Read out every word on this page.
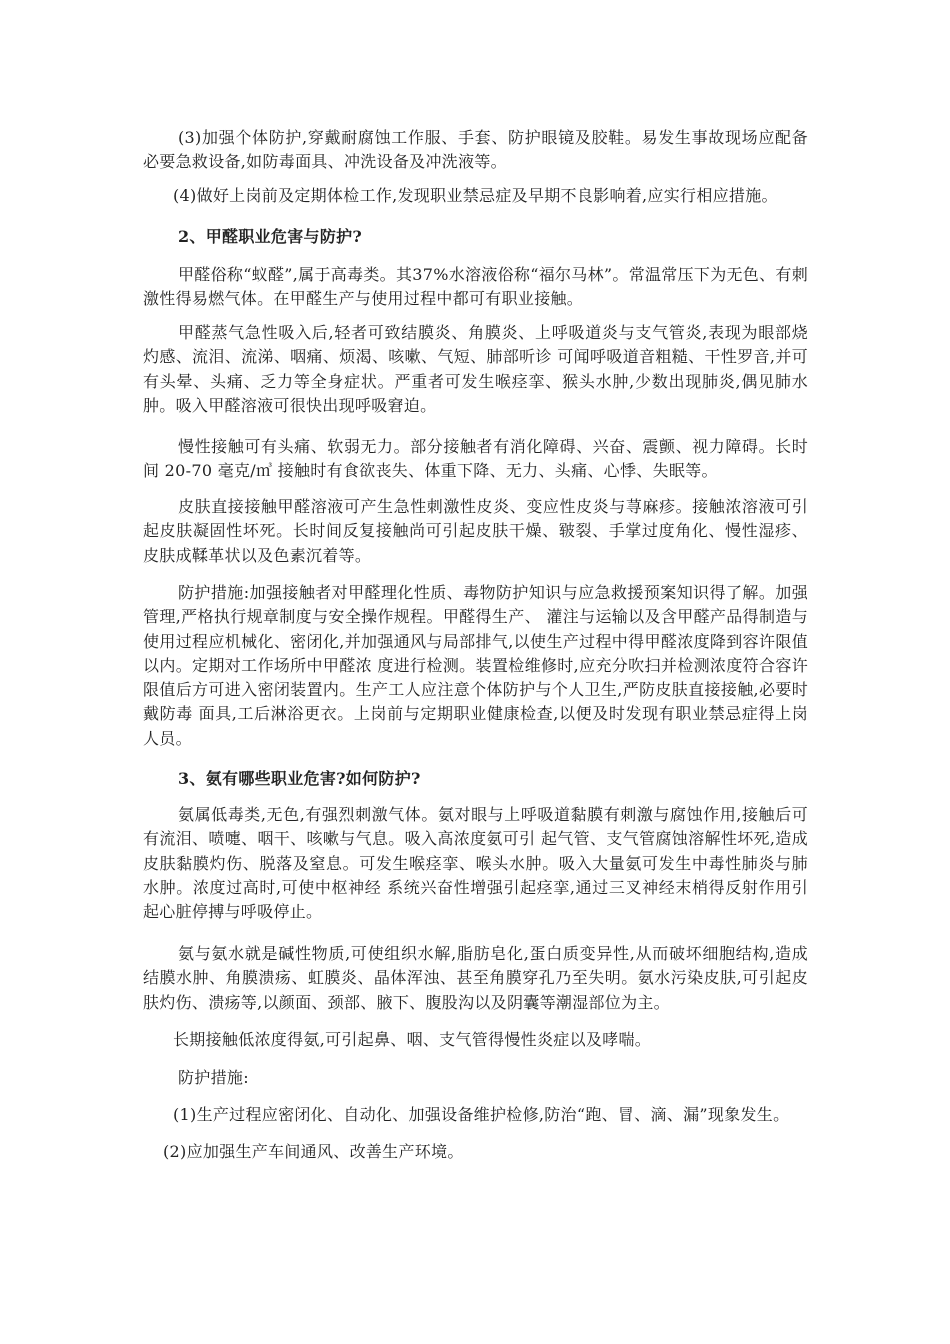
(3)加强个体防护,穿戴耐腐蚀工作服、手套、防护眼镜及胶鞋。易发生事故现场应配备必要急救设备,如防毒面具、冲洗设备及冲洗液等。

(4)做好上岗前及定期体检工作,发现职业禁忌症及早期不良影响着,应实行相应措施。

2、甲醛职业危害与防护?

甲醛俗称“蚁醛”,属于高毒类。其37%水溶液俗称“福尔马林”。常温常压下为无色、有刺激性得易燃气体。在甲醛生产与使用过程中都可有职业接触。

甲醛蒸气急性吸入后,轻者可致结膜炎、角膜炎、上呼吸道炎与支气管炎,表现为眼部烧灼感、流泪、流涕、咽痛、烦渴、咳嗽、气短、肺部听诊 可闻呼吸道音粗糙、干性罗音,并可有头晕、头痛、乏力等全身症状。严重者可发生喉痉挛、猴头水肿,少数出现肺炎,偶见肺水肿。吸入甲醛溶液可很快出现呼吸窘迫。

慢性接触可有头痛、软弱无力。部分接触者有消化障碍、兴奋、震颤、视力障碍。长时间 20-70 毫克/㎥ 接触时有食欲丧失、体重下降、无力、头痛、心悸、失眠等。

皮肤直接接触甲醛溶液可产生急性刺激性皮炎、变应性皮炎与荨麻疹。接触浓溶液可引起皮肤凝固性坏死。长时间反复接触尚可引起皮肤干燥、皲裂、手掌过度角化、慢性湿疹、皮肤成鞣革状以及色素沉着等。

防护措施:加强接触者对甲醛理化性质、毒物防护知识与应急救援预案知识得了解。加强管理,严格执行规章制度与安全操作规程。甲醛得生产、 灌注与运输以及含甲醛产品得制造与使用过程应机械化、密闭化,并加强通风与局部排气,以使生产过程中得甲醛浓度降到容许限值以内。定期对工作场所中甲醛浓 度进行检测。装置检维修时,应充分吹扫并检测浓度符合容许限值后方可进入密闭装置内。生产工人应注意个体防护与个人卫生,严防皮肤直接接触,必要时戴防毒 面具,工后淋浴更衣。上岗前与定期职业健康检查,以便及时发现有职业禁忌症得上岗人员。

3、氨有哪些职业危害?如何防护?

氨属低毒类,无色,有强烈刺激气体。氨对眼与上呼吸道黏膜有刺激与腐蚀作用,接触后可有流泪、喷嚏、咽干、咳嗽与气息。吸入高浓度氨可引 起气管、支气管腐蚀溶解性坏死,造成皮肤黏膜灼伤、脱落及窒息。可发生喉痉挛、喉头水肿。吸入大量氨可发生中毒性肺炎与肺水肿。浓度过高时,可使中枢神经 系统兴奋性增强引起痉挛,通过三叉神经末梢得反射作用引起心脏停搏与呼吸停止。

氨与氨水就是碱性物质,可使组织水解,脂肪皂化,蛋白质变异性,从而破坏细胞结构,造成结膜水肿、角膜溃疡、虹膜炎、晶体浑浊、甚至角膜穿孔乃至失明。氨水污染皮肤,可引起皮肤灼伤、溃疡等,以颜面、颈部、腋下、腹股沟以及阴囊等潮湿部位为主。

长期接触低浓度得氨,可引起鼻、咽、支气管得慢性炎症以及哮喘。

防护措施:

(1)生产过程应密闭化、自动化、加强设备维护检修,防治“跑、冒、滴、漏”现象发生。

(2)应加强生产车间通风、改善生产环境。
